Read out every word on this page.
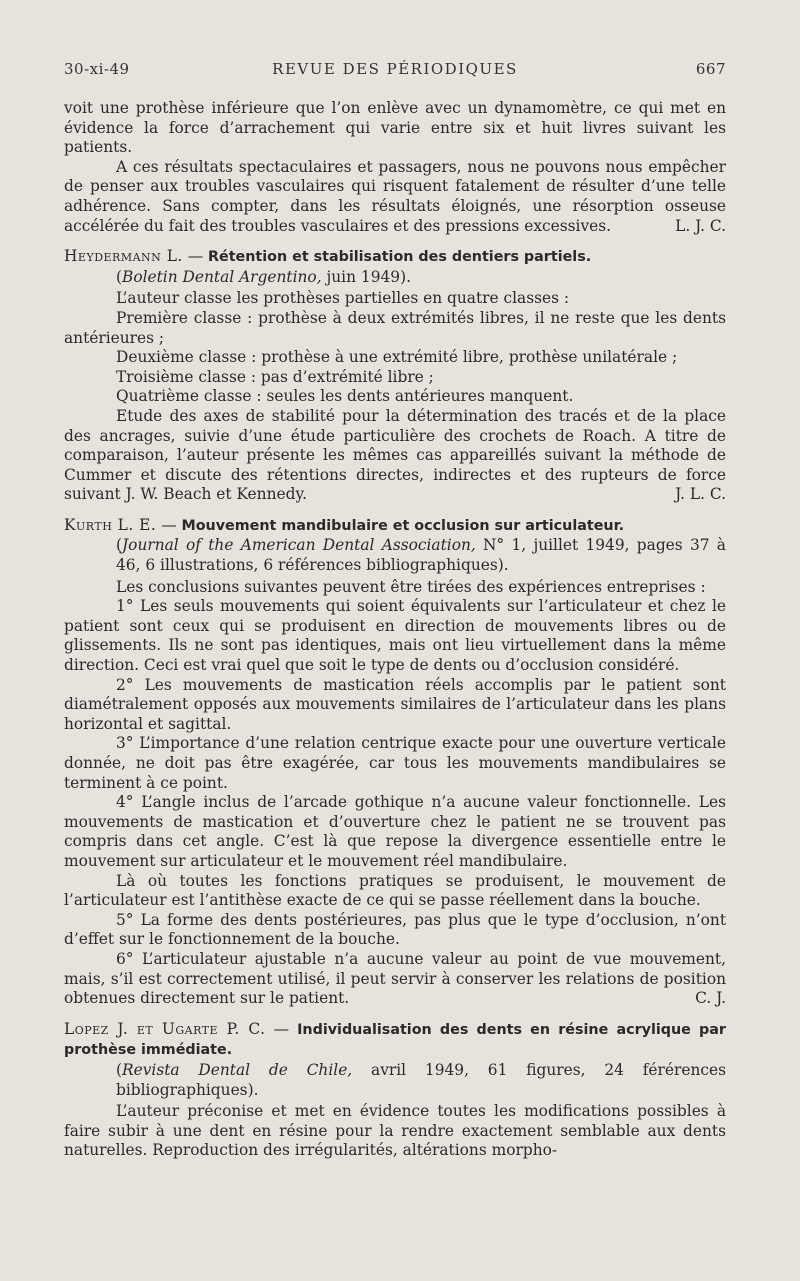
30-xi-49	REVUE DES PÉRIODIQUES	667

voit une prothèse inférieure que l’on enlève avec un dynamomètre, ce qui met en évidence la force d’arrachement qui varie entre six et huit livres suivant les patients.

A ces résultats spectaculaires et passagers, nous ne pouvons nous empêcher de penser aux troubles vasculaires qui risquent fatalement de résulter d’une telle adhérence. Sans compter, dans les résultats éloignés, une résorption osseuse accélérée du fait des troubles vasculaires et des pressions excessives.	L. J. C.

Heydermann L. — Rétention et stabilisation des dentiers partiels.

(Boletin Dental Argentino, juin 1949).

L’auteur classe les prothèses partielles en quatre classes :

Première classe : prothèse à deux extrémités libres, il ne reste que les dents antérieures ;

Deuxième classe : prothèse à une extrémité libre, prothèse unilatérale ;

Troisième classe : pas d’extrémité libre ;

Quatrième classe : seules les dents antérieures manquent.

Etude des axes de stabilité pour la détermination des tracés et de la place des ancrages, suivie d’une étude particulière des crochets de Roach. A titre de comparaison, l’auteur présente les mêmes cas appareillés suivant la méthode de Cummer et discute des rétentions directes, indirectes et des rupteurs de force suivant J. W. Beach et Kennedy.	J. L. C.

Kurth L. E. — Mouvement mandibulaire et occlusion sur articulateur.

(Journal of the American Dental Association, N° 1, juillet 1949, pages 37 à 46, 6 illustrations, 6 références bibliographiques).

Les conclusions suivantes peuvent être tirées des expériences entreprises :

1° Les seuls mouvements qui soient équivalents sur l’articulateur et chez le patient sont ceux qui se produisent en direction de mouvements libres ou de glissements. Ils ne sont pas identiques, mais ont lieu virtuellement dans la même direction. Ceci est vrai quel que soit le type de dents ou d’occlusion considéré.

2° Les mouvements de mastication réels accomplis par le patient sont diamétralement opposés aux mouvements similaires de l’articulateur dans les plans horizontal et sagittal.

3° L’importance d’une relation centrique exacte pour une ouverture verticale donnée, ne doit pas être exagérée, car tous les mouvements mandibulaires se terminent à ce point.

4° L’angle inclus de l’arcade gothique n’a aucune valeur fonctionnelle. Les mouvements de mastication et d’ouverture chez le patient ne se trouvent pas compris dans cet angle. C’est là que repose la divergence essentielle entre le mouvement sur articulateur et le mouvement réel mandibulaire.

Là où toutes les fonctions pratiques se produisent, le mouvement de l’articulateur est l’antithèse exacte de ce qui se passe réellement dans la bouche.

5° La forme des dents postérieures, pas plus que le type d’occlusion, n’ont d’effet sur le fonctionnement de la bouche.

6° L’articulateur ajustable n’a aucune valeur au point de vue mouvement, mais, s’il est correctement utilisé, il peut servir à conserver les relations de position obtenues directement sur le patient.	C. J.

Lopez J. et Ugarte P. C. — Individualisation des dents en résine acrylique par prothèse immédiate.

(Revista Dental de Chile, avril 1949, 61 figures, 24 férérences bibliographiques).

L’auteur préconise et met en évidence toutes les modifications possibles à faire subir à une dent en résine pour la rendre exactement semblable aux dents naturelles. Reproduction des irrégularités, altérations morpho-
